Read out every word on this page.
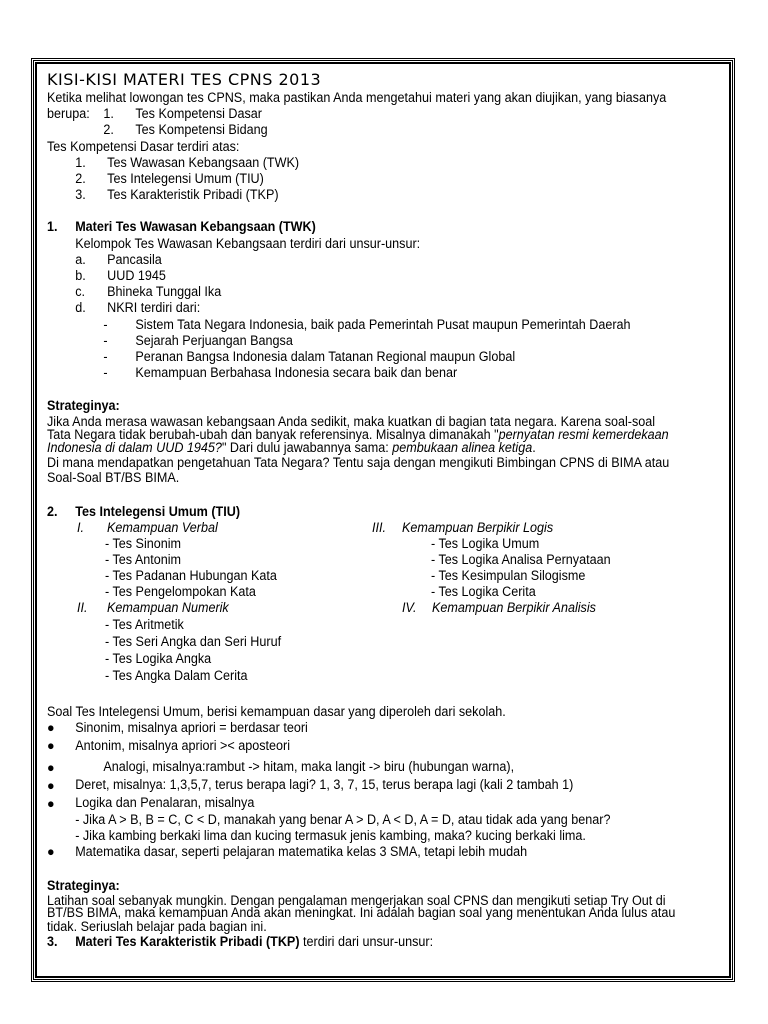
KISI-KISI MATERI TES CPNS 2013
Ketika melihat lowongan tes CPNS, maka pastikan Anda mengetahui materi yang akan diujikan, yang biasanya
berupa: 1. Tes Kompetensi Dasar

2. Tes Kompetensi Bidang
Tes Kompetensi Dasar terdiri atas:

1. Tes Wawasan Kebangsaan (TWK)

2. Tes Intelegensi Umum (TIU)

3. Tes Karakteristik Pribadi (TKP)
1. Materi Tes Wawasan Kebangsaan (TWK)
Kelompok Tes Wawasan Kebangsaan terdiri dari unsur-unsur:

a. Pancasila

b. UUD 1945

c. Bhineka Tunggal Ika

d. NKRI terdiri dari:

- Sistem Tata Negara Indonesia, baik pada Pemerintah Pusat maupun Pemerintah Daerah

- Sejarah Perjuangan Bangsa

- Peranan Bangsa Indonesia dalam Tatanan Regional maupun Global

- Kemampuan Berbahasa Indonesia secara baik dan benar
Strateginya:
Jika Anda merasa wawasan kebangsaan Anda sedikit, maka kuatkan di bagian tata negara. Karena soal-soal
Tata Negara tidak berubah-ubah dan banyak referensinya. Misalnya dimanakah "pernyatan resmi kemerdekaan
Indonesia di dalam UUD 1945?" Dari dulu jawabannya sama: pembukaan alinea ketiga.
Di mana mendapatkan pengetahuan Tata Negara? Tentu saja dengan mengikuti Bimbingan CPNS di BIMA atau
Soal-Soal BT/BS BIMA.
2. Tes Intelegensi Umum (TIU)
I. Kemampuan Verbal
- Tes Sinonim
- Tes Antonim
- Tes Padanan Hubungan Kata
- Tes Pengelompokan Kata
II. Kemampuan Numerik
- Tes Aritmetik
- Tes Seri Angka dan Seri Huruf
- Tes Logika Angka
- Tes Angka Dalam Cerita
III. Kemampuan Berpikir Logis
- Tes Logika Umum
- Tes Logika Analisa Pernyataan
- Tes Kesimpulan Silogisme
- Tes Logika Cerita
IV. Kemampuan Berpikir Analisis
Soal Tes Intelegensi Umum, berisi kemampuan dasar yang diperoleh dari sekolah.
● Sinonim, misalnya apriori = berdasar teori
● Antonim, misalnya apriori >< aposteori
●	Analogi, misalnya:rambut -> hitam, maka langit -> biru (hubungan warna),
● Deret, misalnya: 1,3,5,7, terus berapa lagi? 1, 3, 7, 15, terus berapa lagi (kali 2 tambah 1)
● Logika dan Penalaran, misalnya
- Jika A > B, B = C, C < D, manakah yang benar A > D, A < D, A = D, atau tidak ada yang benar?
- Jika kambing berkaki lima dan kucing termasuk jenis kambing, maka? kucing berkaki lima.
● Matematika dasar, seperti pelajaran matematika kelas 3 SMA, tetapi lebih mudah
Strateginya:
Latihan soal sebanyak mungkin. Dengan pengalaman mengerjakan soal CPNS dan mengikuti setiap Try Out di
BT/BS BIMA, maka kemampuan Anda akan meningkat. Ini adalah bagian soal yang menentukan Anda lulus atau
tidak. Seriuslah belajar pada bagian ini.
3. Materi Tes Karakteristik Pribadi (TKP) terdiri dari unsur-unsur:
